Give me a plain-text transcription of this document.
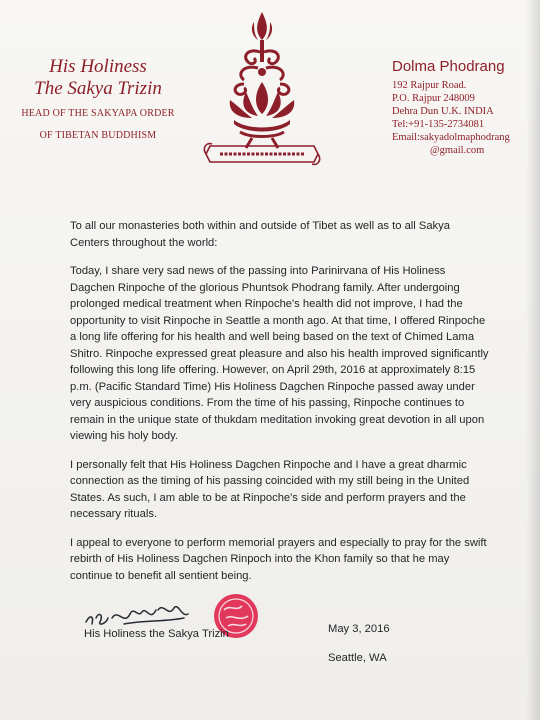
His Holiness
The Sakya Trizin
HEAD OF THE SAKYAPA ORDER
OF TIBETAN BUDDHISM
Dolma Phodrang
192 Rajpur Road.
P.O. Rajpur 248009
Dehra Dun U.K. INDIA
Tel:+91-135-2734081
Email:sakyadolmaphodrang
@gmail.com

To all our monasteries both within and outside of Tibet as well as to all Sakya Centers throughout the world:

Today, I share very sad news of the passing into Parinirvana of His Holiness Dagchen Rinpoche of the glorious Phuntsok Phodrang family. After undergoing prolonged medical treatment when Rinpoche's health did not improve, I had the opportunity to visit Rinpoche in Seattle a month ago. At that time, I offered Rinpoche a long life offering for his health and well being based on the text of Chimed Lama Shitro. Rinpoche expressed great pleasure and also his health improved significantly following this long life offering. However, on April 29th, 2016 at approximately 8:15 p.m. (Pacific Standard Time) His Holiness Dagchen Rinpoche passed away under very auspicious conditions. From the time of his passing, Rinpoche continues to remain in the unique state of thukdam meditation invoking great devotion in all upon viewing his holy body.

I personally felt that His Holiness Dagchen Rinpoche and I have a great dharmic connection as the timing of his passing coincided with my still being in the United States. As such, I am able to be at Rinpoche's side and perform prayers and the necessary rituals.

I appeal to everyone to perform memorial prayers and especially to pray for the swift rebirth of His Holiness Dagchen Rinpoch into the Khon family so that he may continue to benefit all sentient being.

His Holiness the Sakya Trizin	May 3, 2016
Seattle, WA
